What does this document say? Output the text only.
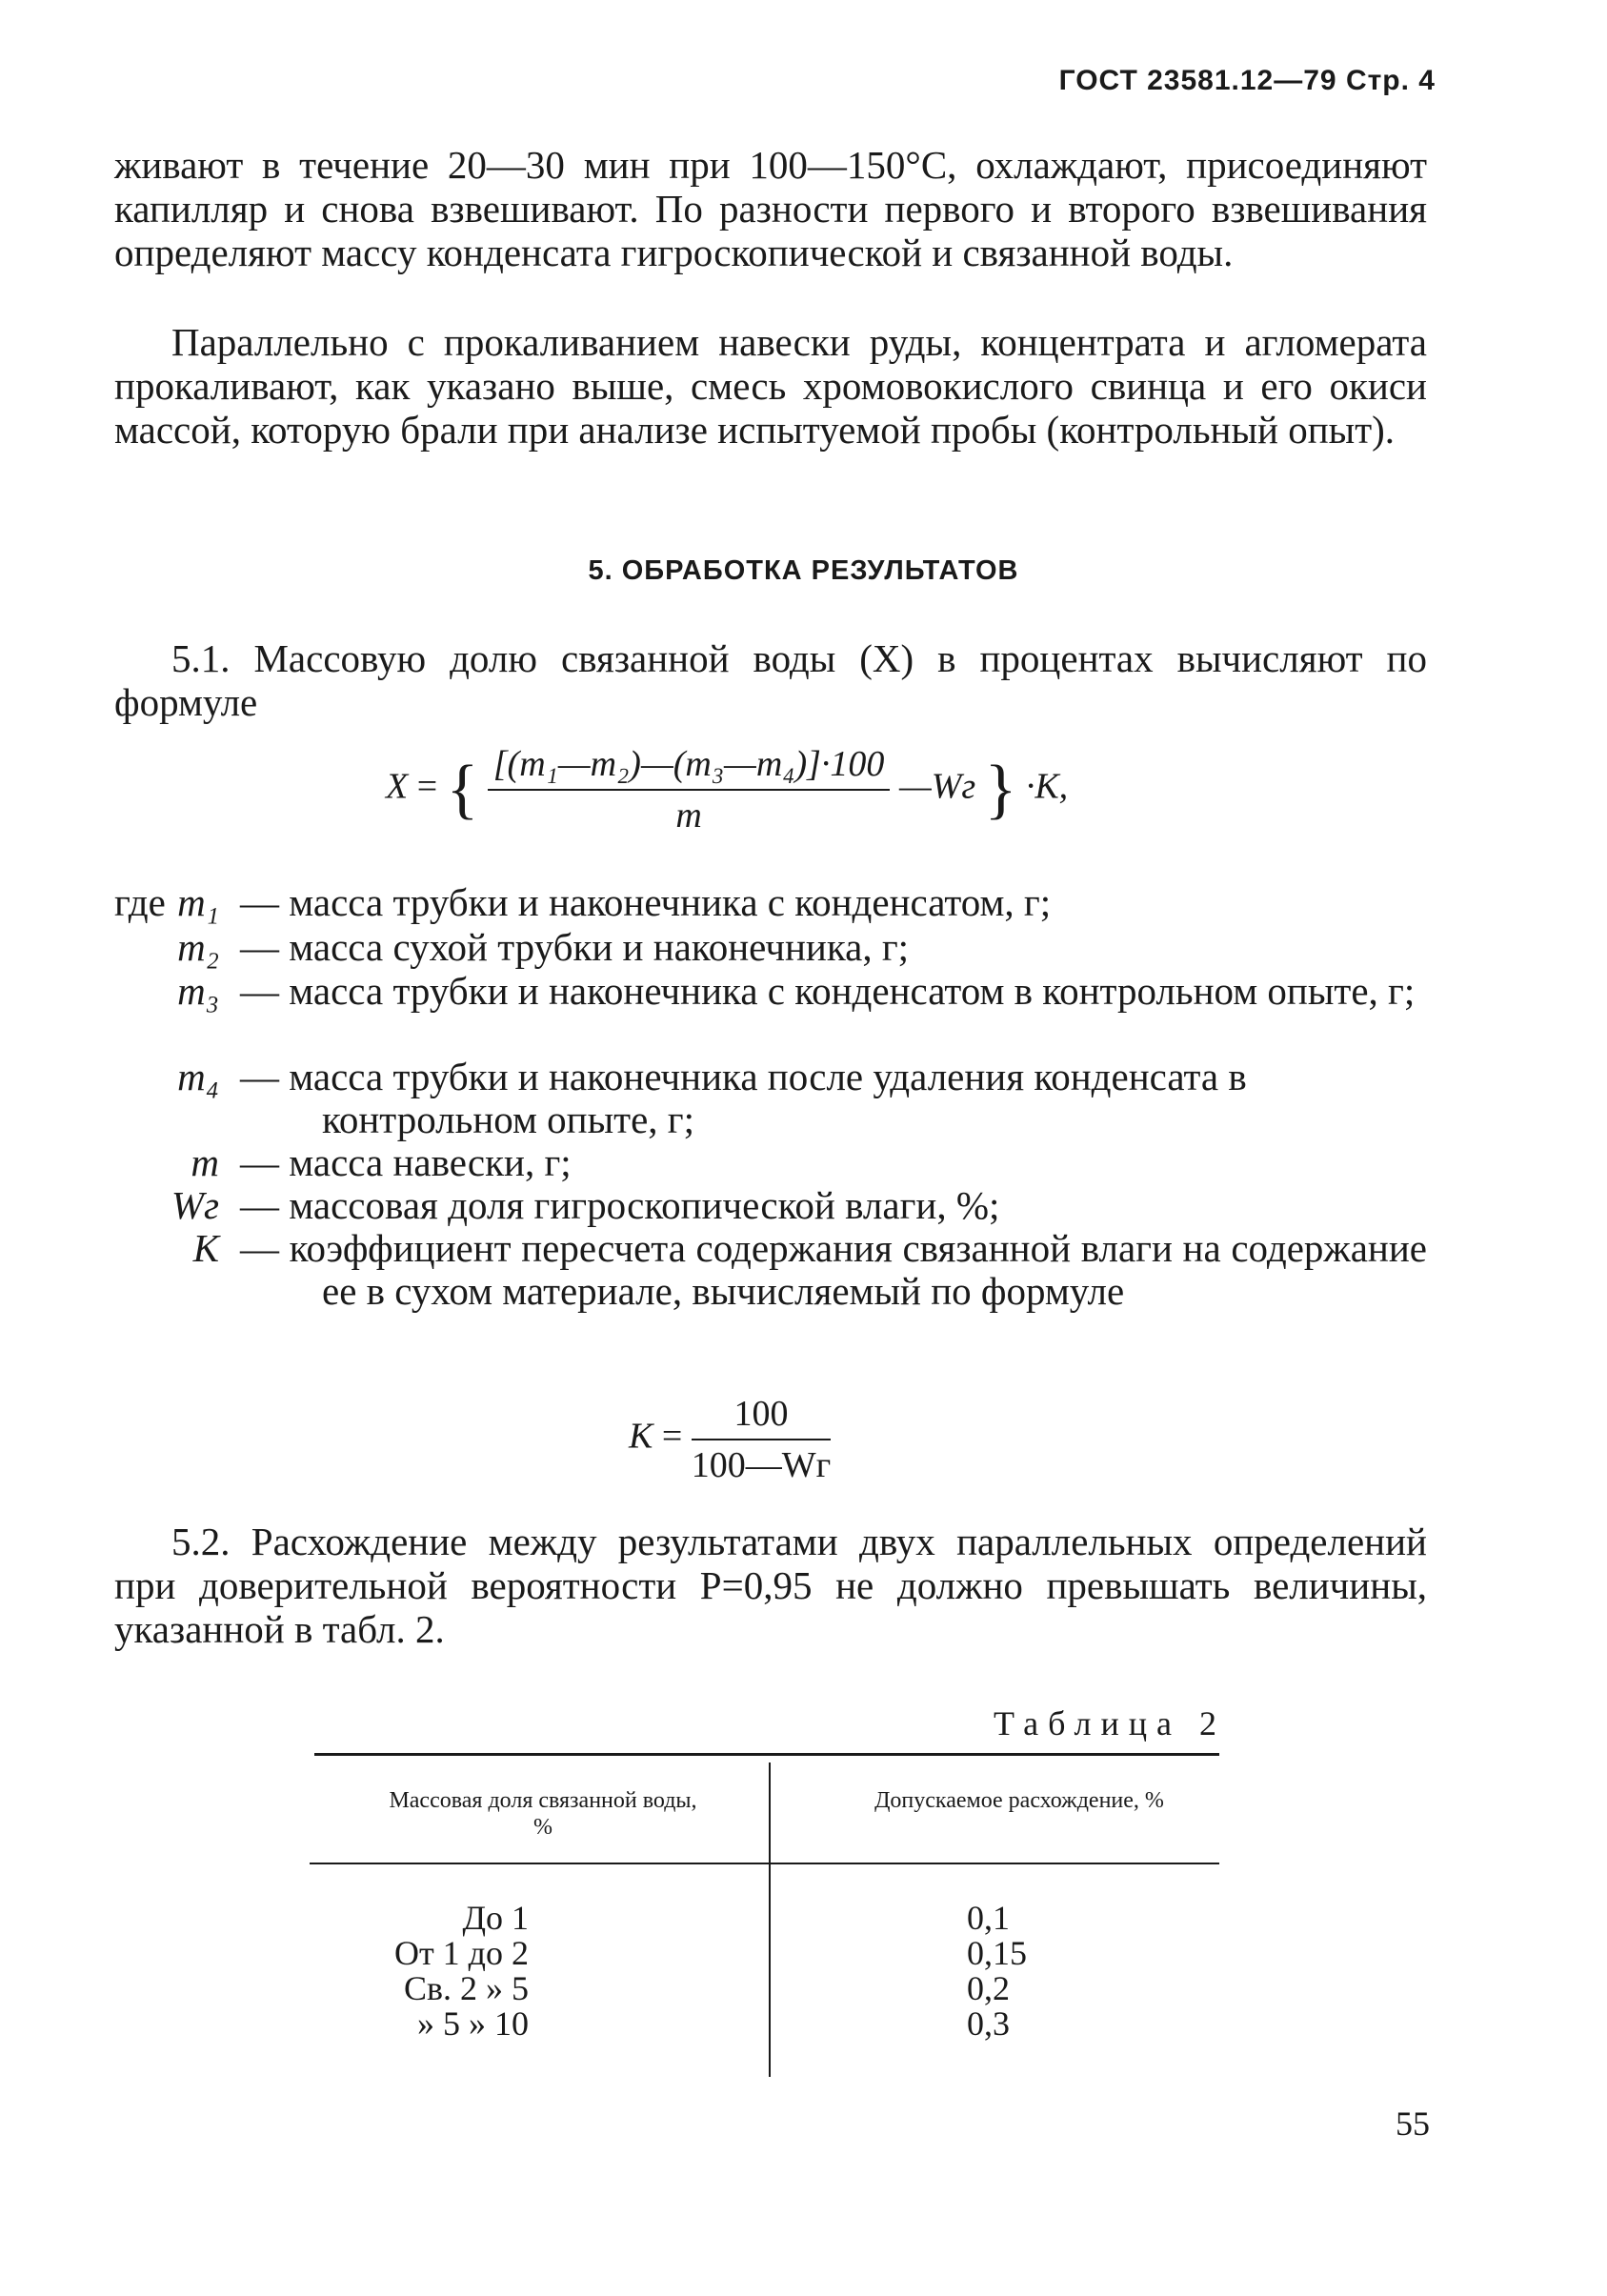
ГОСТ 23581.12—79 Стр. 4

живают в течение 20—30 мин при 100—150°C, охлаждают, присоединяют капилляр и снова взвешивают. По разности первого и второго взвешивания определяют массу конденсата гигроскопической и связанной воды.

Параллельно с прокаливанием навески руды, концентрата и агломерата прокаливают, как указано выше, смесь хромовокислого свинца и его окиси массой, которую брали при анализе испытуемой пробы (контрольный опыт).

5. ОБРАБОТКА РЕЗУЛЬТАТОВ

5.1. Массовую долю связанной воды (X) в процентах вычисляют по формуле

X = { $\frac{\text{[(m₁—m₂)—(m₃—m₄)]·100}}{m}$ —Wг } ·K,
где m₁ — масса трубки и наконечника с конденсатом, г;
m₂ — масса сухой трубки и наконечника, г;
m₃ — масса трубки и наконечника с конденсатом в контрольном опыте, г;
m₄ — масса трубки и наконечника после удаления конденсата в контрольном опыте, г;
m — масса навески, г;
Wг — массовая доля гигроскопической влаги, %;
K — коэффициент пересчета содержания связанной влаги на содержание ее в сухом материале, вычисляемый по формуле
$K = \frac{100}{100—Wг}$

5.2. Расхождение между результатами двух параллельных определений при доверительной вероятности P=0,95 не должно превышать величины, указанной в табл. 2.

Таблица 2
Массовая доля связанной воды, %
Допускаемое расхождение, %
До 1	0,1
От 1 до 2	0,15
Св. 2 » 5	0,2
» 5 » 10	0,3
55
